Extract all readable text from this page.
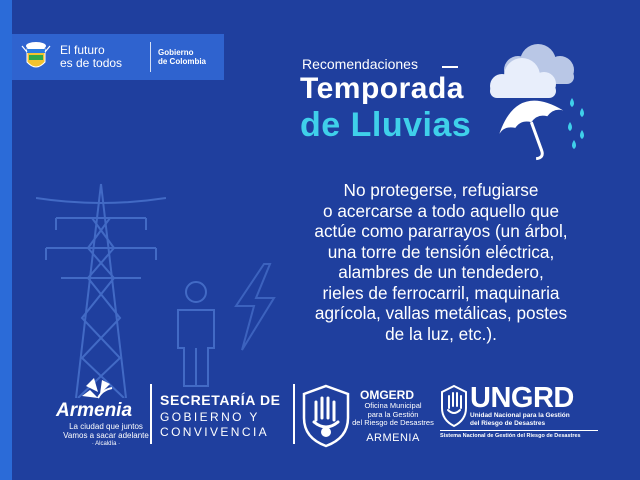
El futuro
es de todos
Gobierno
de Colombia	Recomendaciones
Temporada
de Lluvias
No protegerse, refugiarse
o acercarse a todo aquello que
actúe como pararrayos (un árbol,
una torre de tensión eléctrica,
alambres de un tendedero,
rieles de ferrocarril, maquinaria
agrícola, vallas metálicas, postes
de la luz, etc.).
Armenia
La ciudad que juntos
Vamos a sacar adelante
· Alcaldía ·
SECRETARÍA DE
GOBIERNO Y
CONVIVENCIA
OMGERD
Oficina Municipal
para la Gestión
del Riesgo de Desastres
ARMENIA
UNGRD
Unidad Nacional para la Gestión
del Riesgo de Desastres
Sistema Nacional de Gestión del Riesgo de Desastres
